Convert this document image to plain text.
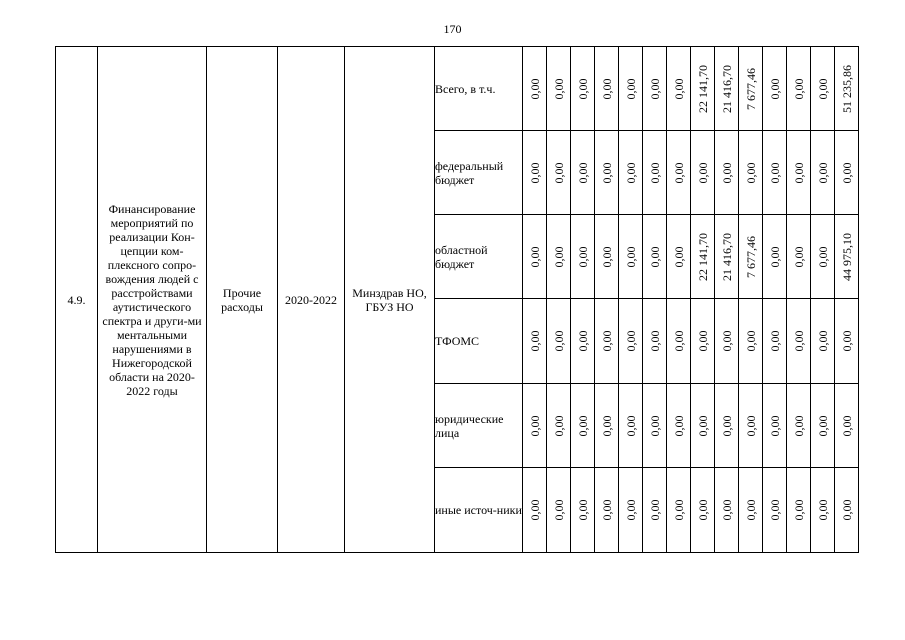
170
4.9.	Финансирование мероприятий по реализации Кон-цепции ком-плексного сопро-вождения людей с расстройствами аутистического спектра и други-ми ментальными нарушениями в Нижегородской области на 2020-2022 годы	Прочие расходы	2020-2022	Минздрав НО, ГБУЗ НО	Всего, в т.ч.	0,00	0,00	0,00	0,00	0,00	0,00	0,00	22 141,70	21 416,70	7 677,46	0,00	0,00	0,00	51 235,86

					федеральный бюджет	0,00	0,00	0,00	0,00	0,00	0,00	0,00	0,00	0,00	0,00	0,00	0,00	0,00	0,00

					областной бюджет	0,00	0,00	0,00	0,00	0,00	0,00	0,00	22 141,70	21 416,70	7 677,46	0,00	0,00	0,00	44 975,10

					ТФОМС	0,00	0,00	0,00	0,00	0,00	0,00	0,00	0,00	0,00	0,00	0,00	0,00	0,00	0,00

					юридические лица	0,00	0,00	0,00	0,00	0,00	0,00	0,00	0,00	0,00	0,00	0,00	0,00	0,00	0,00

					иные источ-ники	0,00	0,00	0,00	0,00	0,00	0,00	0,00	0,00	0,00	0,00	0,00	0,00	0,00	0,00
